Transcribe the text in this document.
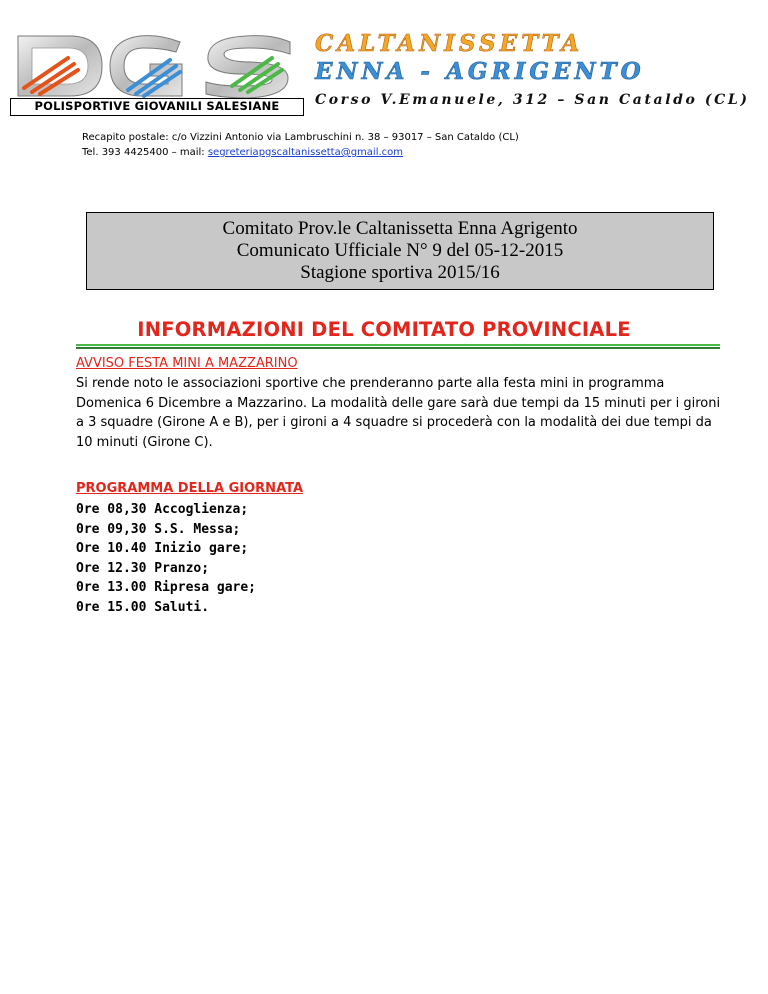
POLISPORTIVE GIOVANILI SALESIANE
CALTANISSETTA
ENNA - AGRIGENTO
Corso V.Emanuele, 312 – San Cataldo (CL)
Recapito postale: c/o Vizzini Antonio via Lambruschini n. 38 – 93017 – San Cataldo (CL)
Tel. 393 4425400 – mail: segreteriapgscaltanissetta@gmail.com
Comitato Prov.le Caltanissetta Enna Agrigento
Comunicato Ufficiale N° 9 del 05-12-2015
Stagione sportiva 2015/16
INFORMAZIONI DEL COMITATO PROVINCIALE
AVVISO FESTA MINI A MAZZARINO
Si rende noto le associazioni sportive che prenderanno parte alla festa mini in programma Domenica 6 Dicembre a Mazzarino. La modalità delle gare sarà due tempi da 15 minuti per i gironi a 3 squadre (Girone A e B), per i gironi a 4 squadre si procederà con la modalità dei due tempi da 10 minuti (Girone C).
PROGRAMMA DELLA GIORNATA
0re 08,30 Accoglienza;
0re 09,30 S.S. Messa;
Ore 10.40 Inizio gare;
Ore 12.30 Pranzo;
0re 13.00 Ripresa gare;
0re 15.00 Saluti.
